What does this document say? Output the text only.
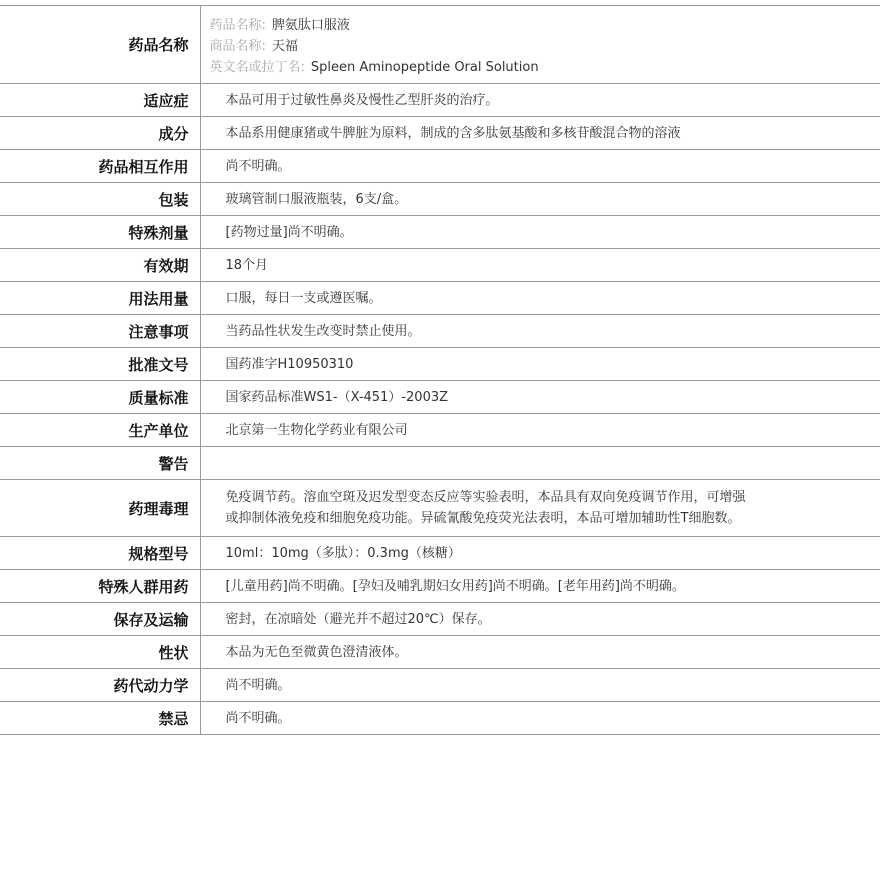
药品名称	药品名称: 脾氨肽口服液
商品名称: 天福
英文名或拉丁名: Spleen Aminopeptide Oral Solution

适应症	本品可用于过敏性鼻炎及慢性乙型肝炎的治疗。
成分	本品系用健康猪或牛脾脏为原料，制成的含多肽氨基酸和多核苷酸混合物的溶液
药品相互作用	尚不明确。
包装	玻璃管制口服液瓶装，6支/盒。
特殊剂量	[药物过量]尚不明确。
有效期	18个月
用法用量	口服，每日一支或遵医嘱。
注意事项	当药品性状发生改变时禁止使用。
批准文号	国药准字H10950310
质量标准	国家药品标准WS1-（X-451）-2003Z
生产单位	北京第一生物化学药业有限公司
警告	
药理毒理	免疫调节药。溶血空斑及迟发型变态反应等实验表明，本品具有双向免疫调节作用，可增强
或抑制体液免疫和细胞免疫功能。异硫氰酸免疫荧光法表明，本品可增加辅助性T细胞数。
规格型号	10ml：10mg（多肽）：0.3mg（核糖）
特殊人群用药	[儿童用药]尚不明确。[孕妇及哺乳期妇女用药]尚不明确。[老年用药]尚不明确。
保存及运输	密封，在凉暗处（避光并不超过20℃）保存。
性状	本品为无色至微黄色澄清液体。
药代动力学	尚不明确。
禁忌	尚不明确。
